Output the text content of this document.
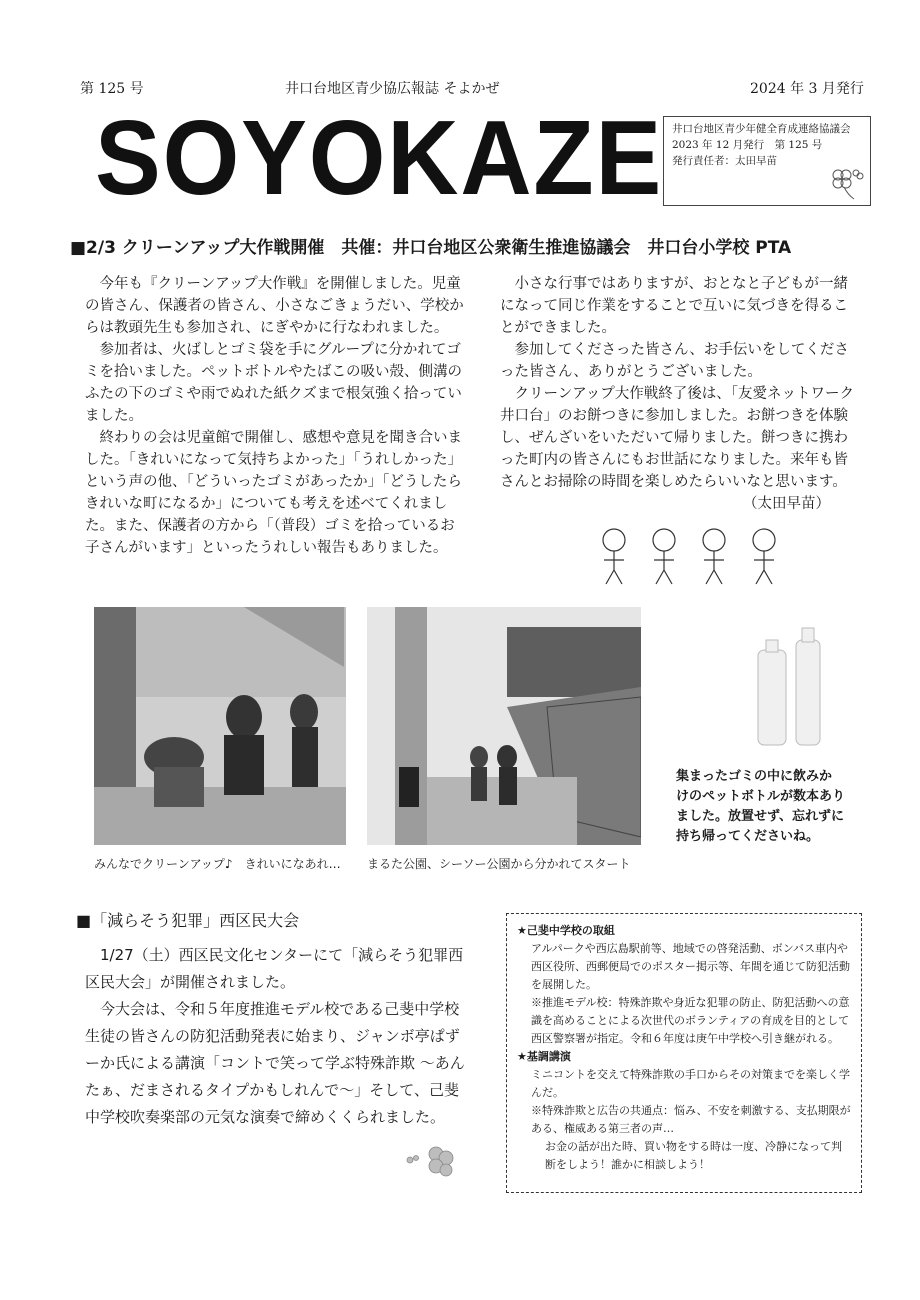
第 125 号	井口台地区青少協広報誌 そよかぜ	2024 年 3 月発行
SOYOKAZE 井口台地区青少年健全育成連絡協議会
2023 年 12 月発行　第 125 号
発行責任者：太田早苗
■2/3 クリーンアップ大作戦開催　共催：井口台地区公衆衛生推進協議会　井口台小学校 PTA

今年も『クリーンアップ大作戦』を開催しました。児童の皆さん、保護者の皆さん、小さなごきょうだい、学校からは教頭先生も参加され、にぎやかに行なわれました。

参加者は、火ばしとゴミ袋を手にグループに分かれてゴミを拾いました。ペットボトルやたばこの吸い殻、側溝のふたの下のゴミや雨でぬれた紙クズまで根気強く拾っていました。

終わりの会は児童館で開催し、感想や意見を聞き合いました。「きれいになって気持ちよかった」「うれしかった」という声の他、「どういったゴミがあったか」「どうしたらきれいな町になるか」についても考えを述べてくれました。また、保護者の方から「（普段）ゴミを拾っているお子さんがいます」といったうれしい報告もありました。

小さな行事ではありますが、おとなと子どもが一緒になって同じ作業をすることで互いに気づきを得ることができました。

参加してくださった皆さん、お手伝いをしてくださった皆さん、ありがとうございました。

クリーンアップ大作戦終了後は、「友愛ネットワーク井口台」のお餅つきに参加しました。お餅つきを体験し、ぜんざいをいただいて帰りました。餅つきに携わった町内の皆さんにもお世話になりました。来年も皆さんとお掃除の時間を楽しめたらいいなと思います。

（太田早苗）
みんなでクリーンアップ♪　きれいになあれ… まるた公園、シーソー公園から分かれてスタート
集まったゴミの中に飲みか
けのペットボトルが数本あり
ました。放置せず、忘れずに
持ち帰ってくださいね。
■「減らそう犯罪」西区民大会

1/27（土）西区民文化センターにて「減らそう犯罪西区民大会」が開催されました。

今大会は、令和５年度推進モデル校である己斐中学校生徒の皆さんの防犯活動発表に始まり、ジャンボ亭ぱずーか氏による講演「コントで笑って学ぶ特殊詐欺 ～あんたぁ、だまされるタイプかもしれんで～」そして、己斐中学校吹奏楽部の元気な演奏で締めくくられました。

★己斐中学校の取組
アルパークや西広島駅前等、地域での啓発活動、ボンバス車内や西区役所、西郵便局でのポスター掲示等、年間を通じて防犯活動を展開した。
※推進モデル校：特殊詐欺や身近な犯罪の防止、防犯活動への意識を高めることによる次世代のボランティアの育成を目的として西区警察署が指定。令和６年度は庚午中学校へ引き継がれる。
★基調講演
ミニコントを交えて特殊詐欺の手口からその対策までを楽しく学んだ。
※特殊詐欺と広告の共通点：悩み、不安を刺激する、支払期限がある、権威ある第三者の声…
お金の話が出た時、買い物をする時は一度、冷静になって判断をしよう！誰かに相談しよう！
